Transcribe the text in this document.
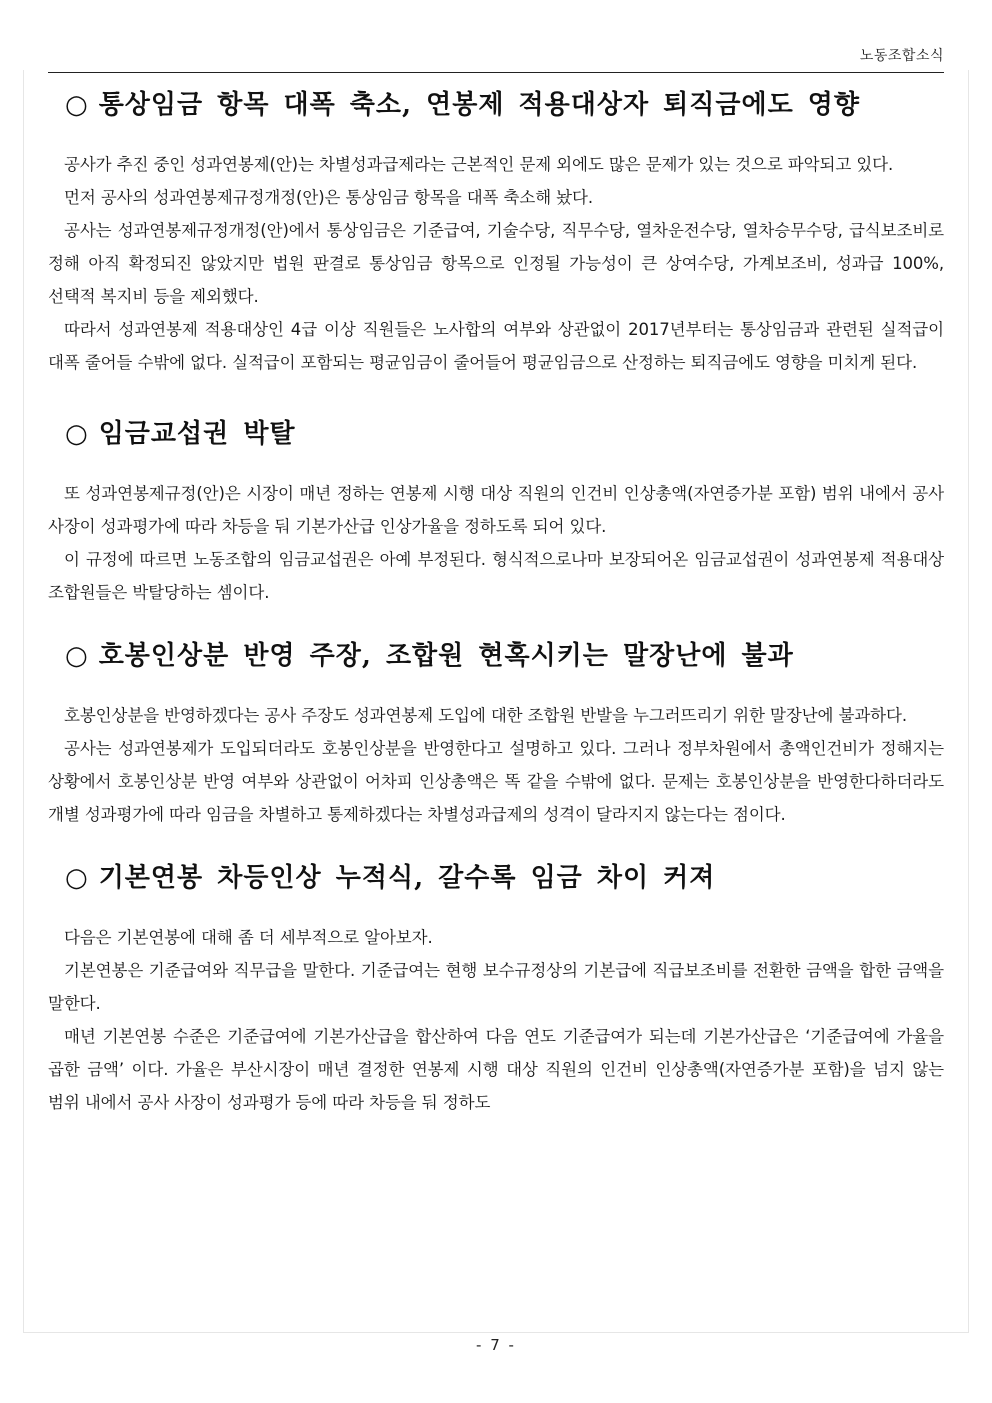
노동조합소식
○ 통상임금 항목 대폭 축소, 연봉제 적용대상자 퇴직금에도 영향

공사가 추진 중인 성과연봉제(안)는 차별성과급제라는 근본적인 문제 외에도 많은 문제가 있는 것으로 파악되고 있다.

먼저 공사의 성과연봉제규정개정(안)은 통상임금 항목을 대폭 축소해 놨다.

공사는 성과연봉제규정개정(안)에서 통상임금은 기준급여, 기술수당, 직무수당, 열차운전수당, 열차승무수당, 급식보조비로 정해 아직 확정되진 않았지만 법원 판결로 통상임금 항목으로 인정될 가능성이 큰 상여수당, 가계보조비, 성과급 100%, 선택적 복지비 등을 제외했다.

따라서 성과연봉제 적용대상인 4급 이상 직원들은 노사합의 여부와 상관없이 2017년부터는 통상임금과 관련된 실적급이 대폭 줄어들 수밖에 없다. 실적급이 포함되는 평균임금이 줄어들어 평균임금으로 산정하는 퇴직금에도 영향을 미치게 된다.

○ 임금교섭권 박탈

또 성과연봉제규정(안)은 시장이 매년 정하는 연봉제 시행 대상 직원의 인건비 인상총액(자연증가분 포함) 범위 내에서 공사 사장이 성과평가에 따라 차등을 둬 기본가산급 인상가율을 정하도록 되어 있다.

이 규정에 따르면 노동조합의 임금교섭권은 아예 부정된다. 형식적으로나마 보장되어온 임금교섭권이 성과연봉제 적용대상 조합원들은 박탈당하는 셈이다.

○ 호봉인상분 반영 주장, 조합원 현혹시키는 말장난에 불과

호봉인상분을 반영하겠다는 공사 주장도 성과연봉제 도입에 대한 조합원 반발을 누그러뜨리기 위한 말장난에 불과하다.

공사는 성과연봉제가 도입되더라도 호봉인상분을 반영한다고 설명하고 있다. 그러나 정부차원에서 총액인건비가 정해지는 상황에서 호봉인상분 반영 여부와 상관없이 어차피 인상총액은 똑 같을 수밖에 없다. 문제는 호봉인상분을 반영한다하더라도 개별 성과평가에 따라 임금을 차별하고 통제하겠다는 차별성과급제의 성격이 달라지지 않는다는 점이다.

○ 기본연봉 차등인상 누적식, 갈수록 임금 차이 커져

다음은 기본연봉에 대해 좀 더 세부적으로 알아보자.

기본연봉은 기준급여와 직무급을 말한다. 기준급여는 현행 보수규정상의 기본급에 직급보조비를 전환한 금액을 합한 금액을 말한다.

매년 기본연봉 수준은 기준급여에 기본가산급을 합산하여 다음 연도 기준급여가 되는데 기본가산급은 ‘기준급여에 가율을 곱한 금액’ 이다. 가율은 부산시장이 매년 결정한 연봉제 시행 대상 직원의 인건비 인상총액(자연증가분 포함)을 넘지 않는 범위 내에서 공사 사장이 성과평가 등에 따라 차등을 둬 정하도

- 7 -
